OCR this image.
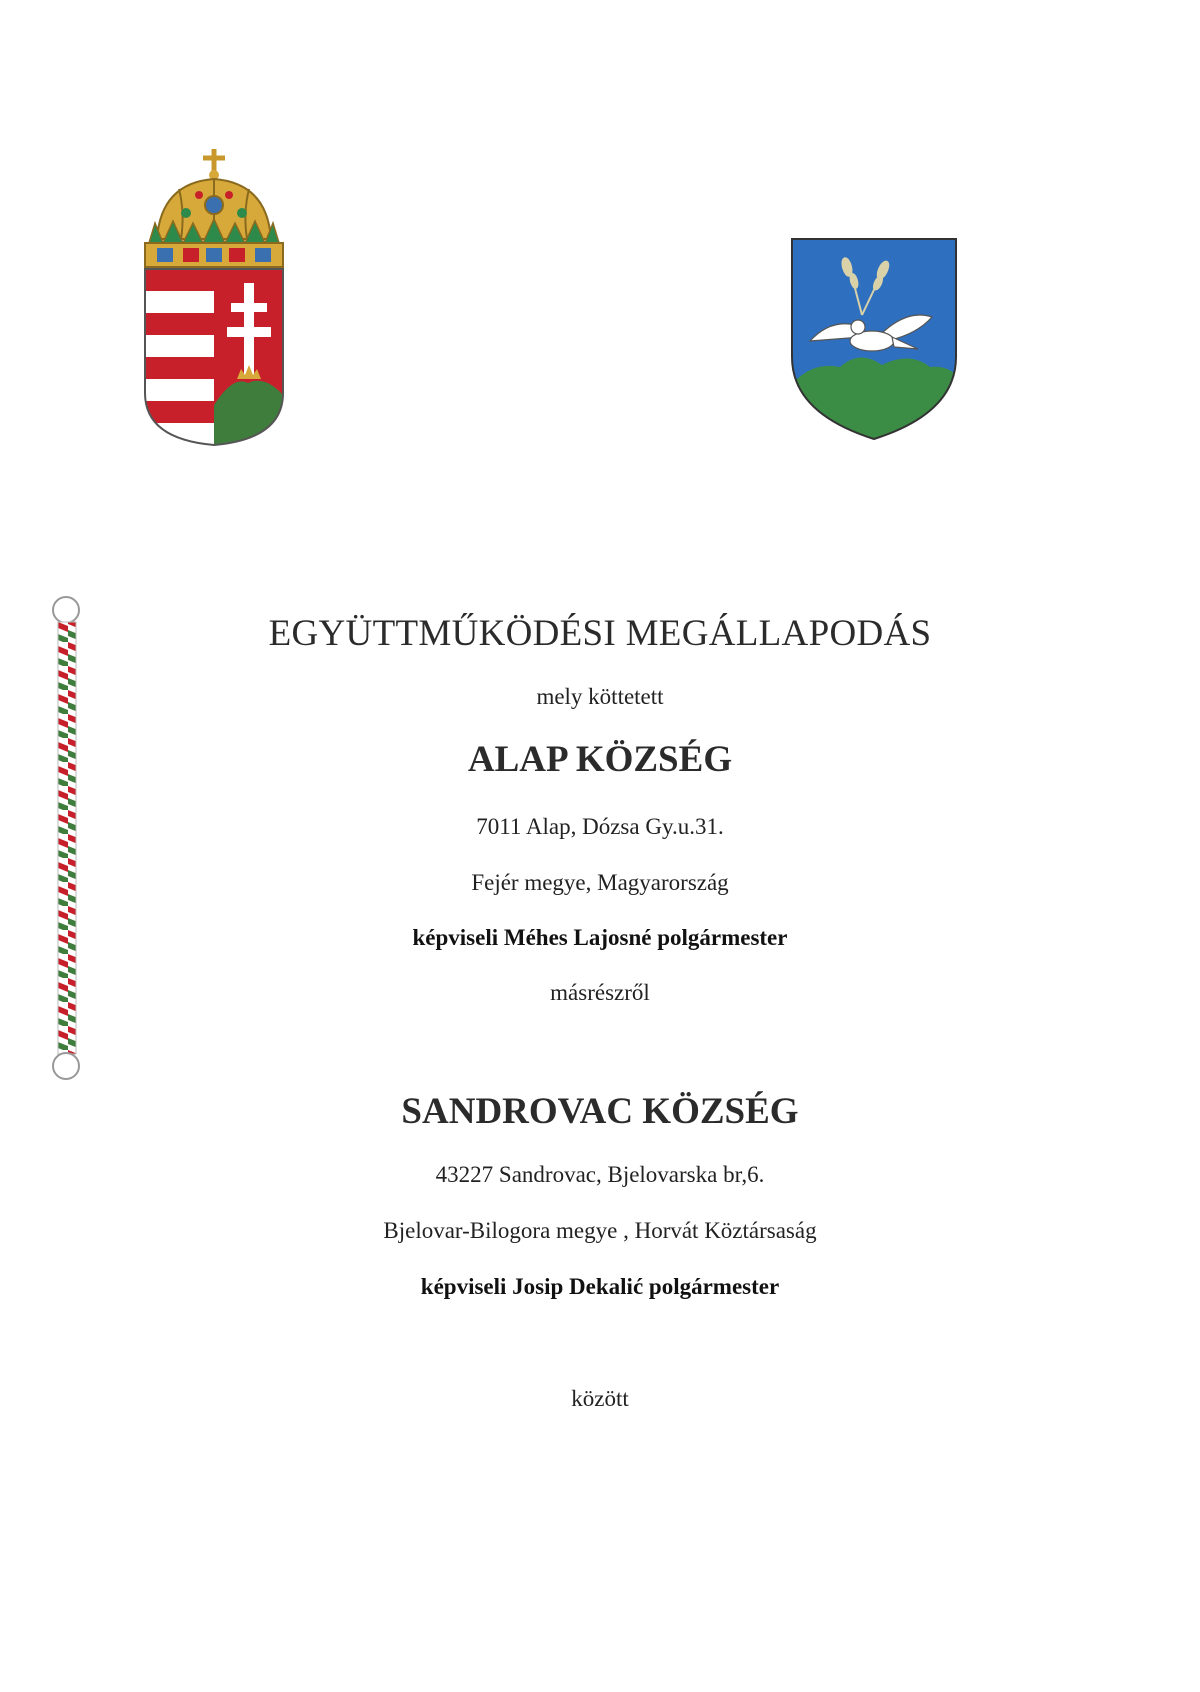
EGYÜTTMŰKÖDÉSI MEGÁLLAPODÁS
mely köttetett
ALAP KÖZSÉG
7011 Alap, Dózsa Gy.u.31.
Fejér megye, Magyarország
képviseli Méhes Lajosné polgármester
másrészről
SANDROVAC KÖZSÉG
43227 Sandrovac, Bjelovarska br,6.
Bjelovar-Bilogora megye , Horvát Köztársaság
képviseli Josip Dekalić polgármester
között
